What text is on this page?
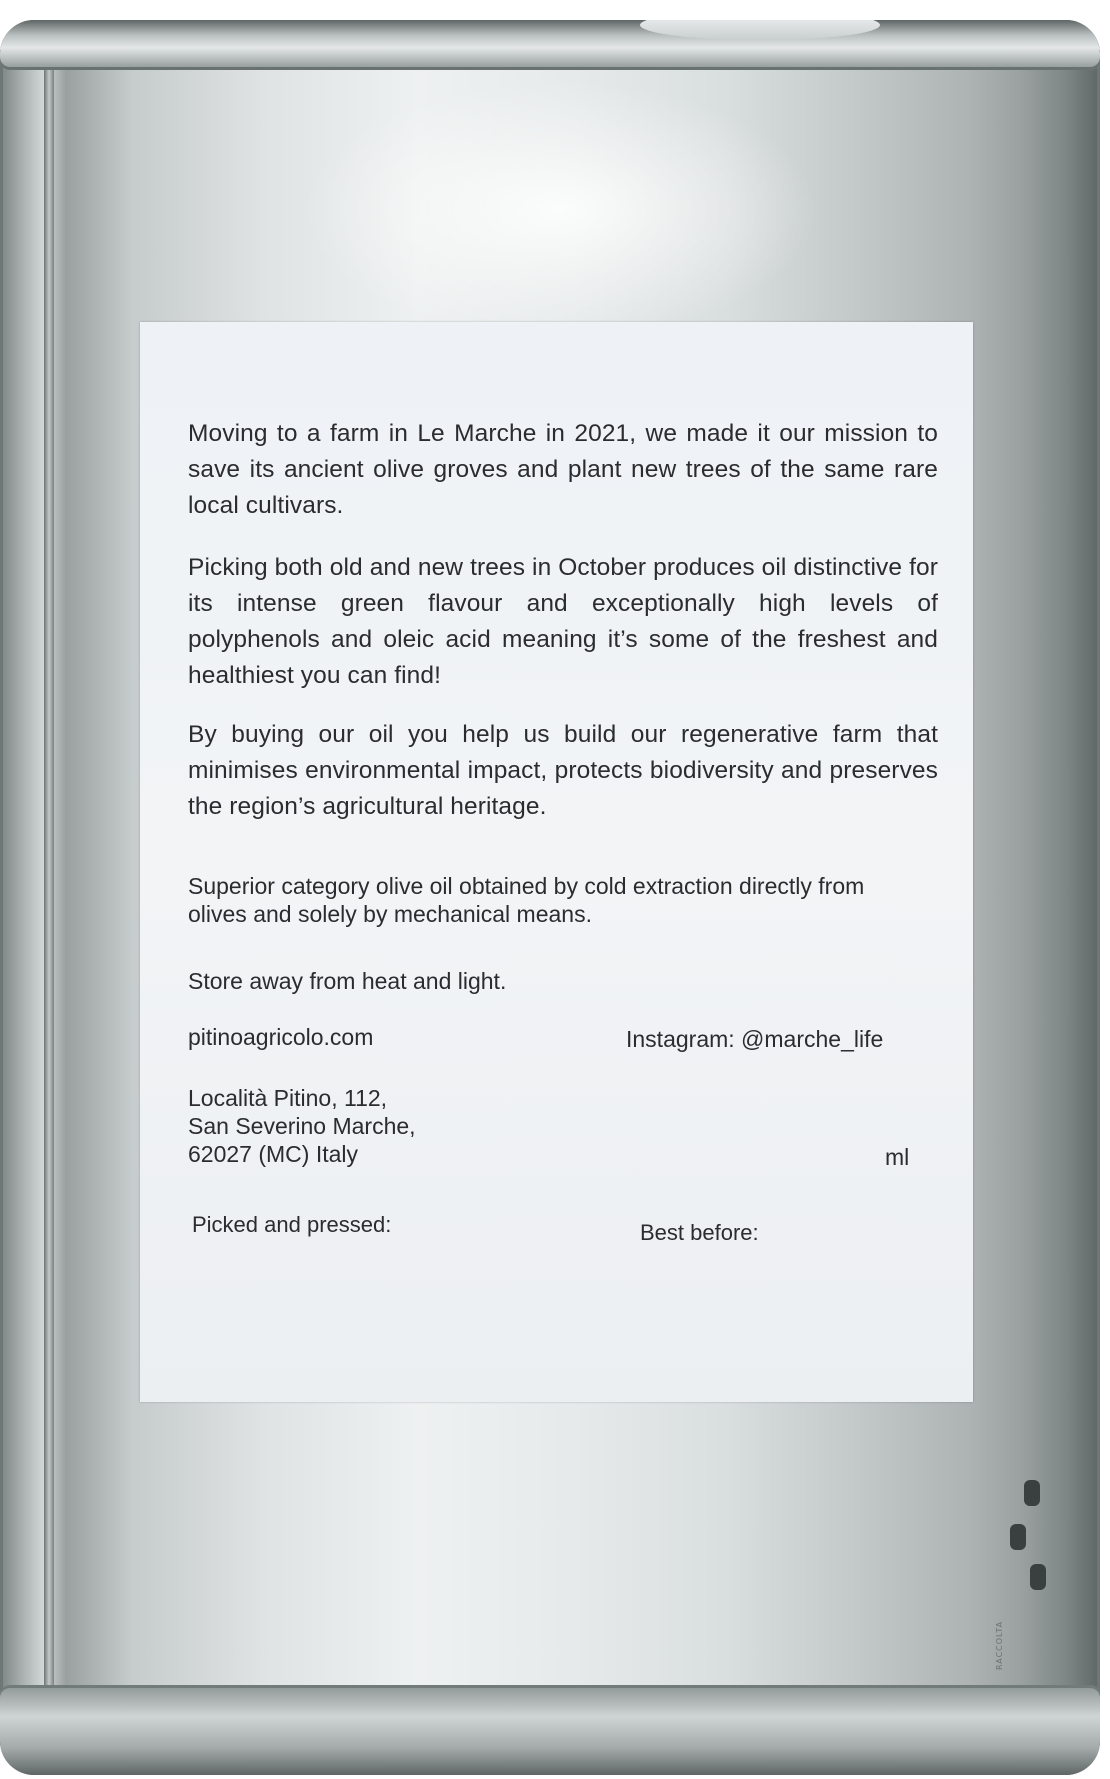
RACCOLTA

Moving to a farm in Le Marche in 2021, we made it our mission to save its ancient olive groves and plant new trees of the same rare local cultivars.

Picking both old and new trees in October produces oil distinctive for its intense green flavour and exceptionally high levels of polyphenols and oleic acid meaning it’s some of the freshest and healthiest you can find!

By buying our oil you help us build our regenerative farm that minimises environmental impact, protects biodiversity and preserves the region’s agricultural heritage.

Superior category olive oil obtained by cold extraction directly from olives and solely by mechanical means.

Store away from heat and light.

pitinoagricolo.com	Instagram: @marche_life
Località Pitino, 112,
San Severino Marche,
62027 (MC) Italy	ml
Picked and pressed:	Best before:
